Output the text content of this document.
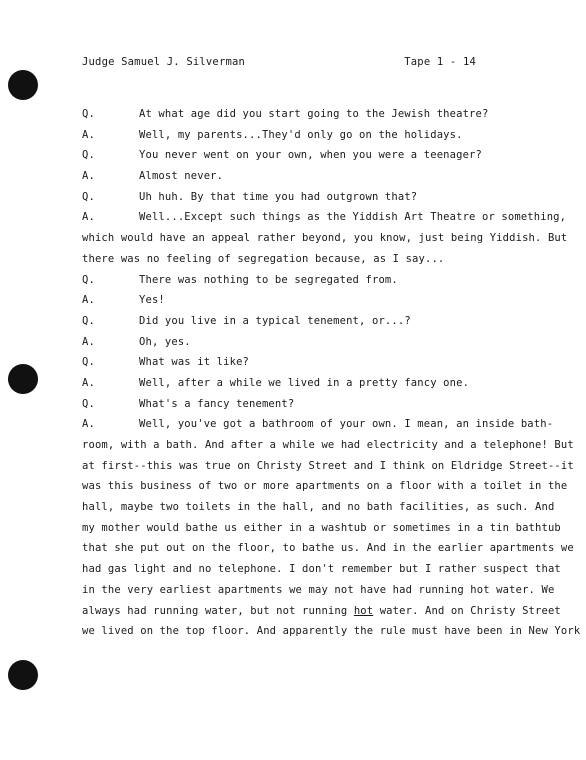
Judge Samuel J. Silverman	Tape 1 - 14
Q.	At what age did you start going to the Jewish theatre?
A.	Well, my parents...They'd only go on the holidays.
Q.	You never went on your own, when you were a teenager?
A.	Almost never.
Q.	Uh huh. By that time you had outgrown that?
A.	Well...Except such things as the Yiddish Art Theatre or something,
which would have an appeal rather beyond, you know, just being Yiddish. But
there was no feeling of segregation because, as I say...
Q.	There was nothing to be segregated from.
A.	Yes!
Q.	Did you live in a typical tenement, or...?
A.	Oh, yes.
Q.	What was it like?
A.	Well, after a while we lived in a pretty fancy one.
Q.	What's a fancy tenement?
A.	Well, you've got a bathroom of your own. I mean, an inside bath-
room, with a bath. And after a while we had electricity and a telephone! But
at first--this was true on Christy Street and I think on Eldridge Street--it
was this business of two or more apartments on a floor with a toilet in the
hall, maybe two toilets in the hall, and no bath facilities, as such. And
my mother would bathe us either in a washtub or sometimes in a tin bathtub
that she put out on the floor, to bathe us. And in the earlier apartments we
had gas light and no telephone. I don't remember but I rather suspect that
in the very earliest apartments we may not have had running hot water. We
always had running water, but not running hot water. And on Christy Street
we lived on the top floor. And apparently the rule must have been in New York
